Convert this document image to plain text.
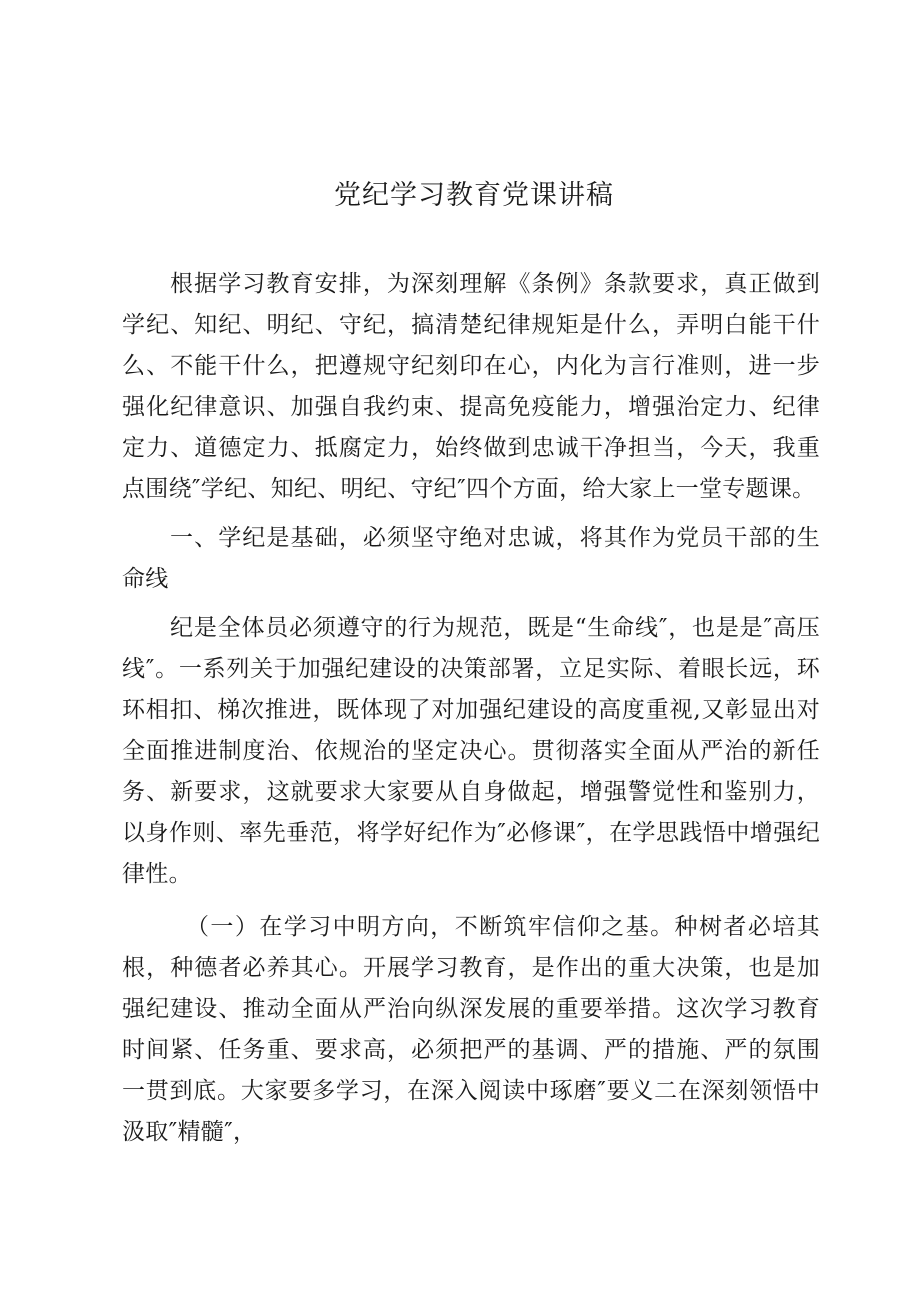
党纪学习教育党课讲稿

根据学习教育安排，为深刻理解《条例》条款要求，真正做到学纪、知纪、明纪、守纪，搞清楚纪律规矩是什么，弄明白能干什么、不能干什么，把遵规守纪刻印在心，内化为言行准则，进一步强化纪律意识、加强自我约束、提高免疫能力，增强治定力、纪律定力、道德定力、抵腐定力，始终做到忠诚干净担当，今天，我重点围绕″学纪、知纪、明纪、守纪″四个方面，给大家上一堂专题课。

一、学纪是基础，必须坚守绝对忠诚，将其作为党员干部的生命线

纪是全体员必须遵守的行为规范，既是“生命线″，也是是″高压线″。一系列关于加强纪建设的决策部署，立足实际、着眼长远，环环相扣、梯次推进，既体现了对加强纪建设的高度重视,又彰显出对全面推进制度治、依规治的坚定决心。贯彻落实全面从严治的新任务、新要求，这就要求大家要从自身做起，增强警觉性和鉴别力，以身作则、率先垂范，将学好纪作为″必修课″，在学思践悟中增强纪律性。

（一）在学习中明方向，不断筑牢信仰之基。种树者必培其根，种德者必养其心。开展学习教育，是作出的重大决策，也是加强纪建设、推动全面从严治向纵深发展的重要举措。这次学习教育时间紧、任务重、要求高，必须把严的基调、严的措施、严的氛围一贯到底。大家要多学习，在深入阅读中琢磨″要义二在深刻领悟中汲取″精髓″，
